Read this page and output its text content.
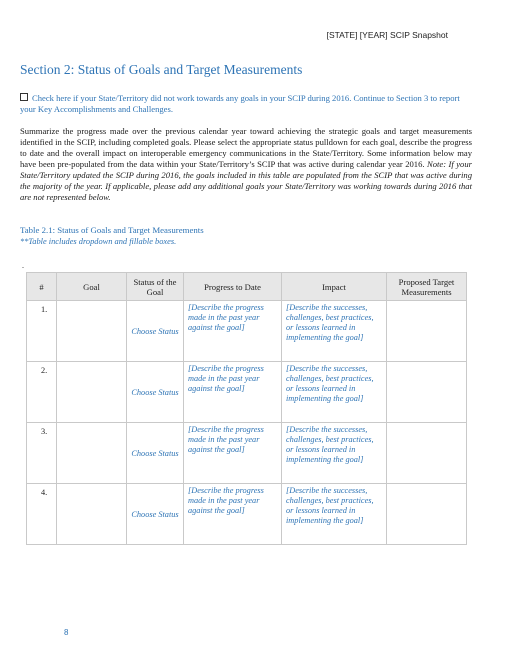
[STATE] [YEAR] SCIP Snapshot
Section 2: Status of Goals and Target Measurements
Check here if your State/Territory did not work towards any goals in your SCIP during 2016. Continue to Section 3 to report your Key Accomplishments and Challenges.
Summarize the progress made over the previous calendar year toward achieving the strategic goals and target measurements identified in the SCIP, including completed goals. Please select the appropriate status pulldown for each goal, describe the progress to date and the overall impact on interoperable emergency communications in the State/Territory. Some information below may have been pre-populated from the data within your State/Territory’s SCIP that was active during calendar year 2016. Note: If your State/Territory updated the SCIP during 2016, the goals included in this table are populated from the SCIP that was active during the majority of the year. If applicable, please add any additional goals your State/Territory was working towards during 2016 that are not represented below.
Table 2.1: Status of Goals and Target Measurements
**Table includes dropdown and fillable boxes.
.
#	Goal	Status of the Goal	Progress to Date	Impact	Proposed Target Measurements
1.		Choose Status	[Describe the progress made in the past year against the goal]	[Describe the successes, challenges, best practices, or lessons learned in implementing the goal]	

2.		Choose Status	[Describe the progress made in the past year against the goal]	[Describe the successes, challenges, best practices, or lessons learned in implementing the goal]	

3.		Choose Status	[Describe the progress made in the past year against the goal]	[Describe the successes, challenges, best practices, or lessons learned in implementing the goal]	

4.		Choose Status	[Describe the progress made in the past year against the goal]	[Describe the successes, challenges, best practices, or lessons learned in implementing the goal]	

8
